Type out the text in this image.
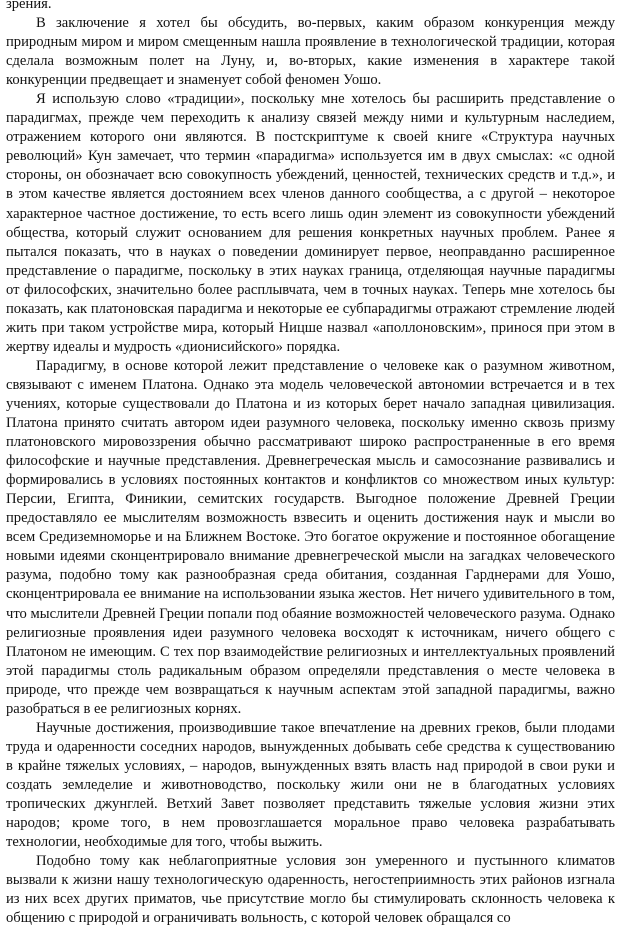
зрения.

В заключение я хотел бы обсудить, во-первых, каким образом конкуренция между природным миром и миром смещенным нашла проявление в технологической традиции, которая сделала возможным полет на Луну, и, во-вторых, какие изменения в характере такой конкуренции предвещает и знаменует собой феномен Уошо.

Я использую слово «традиции», поскольку мне хотелось бы расширить представление о парадигмах, прежде чем переходить к анализу связей между ними и культурным наследием, отражением которого они являются. В постскриптуме к своей книге «Структура научных революций» Кун замечает, что термин «парадигма» используется им в двух смыслах: «с одной стороны, он обозначает всю совокупность убеждений, ценностей, технических средств и т.д.», и в этом качестве является достоянием всех членов данного сообщества, а с другой – некоторое характерное частное достижение, то есть всего лишь один элемент из совокупности убеждений общества, который служит основанием для решения конкретных научных проблем. Ранее я пытался показать, что в науках о поведении доминирует первое, неоправданно расширенное представление о парадигме, поскольку в этих науках граница, отделяющая научные парадигмы от философских, значительно более расплывчата, чем в точных науках. Теперь мне хотелось бы показать, как платоновская парадигма и некоторые ее субпарадигмы отражают стремление людей жить при таком устройстве мира, который Ницше назвал «аполлоновским», принося при этом в жертву идеалы и мудрость «дионисийского» порядка.

Парадигму, в основе которой лежит представление о человеке как о разумном животном, связывают с именем Платона. Однако эта модель человеческой автономии встречается и в тех учениях, которые существовали до Платона и из которых берет начало западная цивилизация. Платона принято считать автором идеи разумного человека, поскольку именно сквозь призму платоновского мировоззрения обычно рассматривают широко распространенные в его время философские и научные представления. Древнегреческая мысль и самосознание развивались и формировались в условиях постоянных контактов и конфликтов со множеством иных культур: Персии, Египта, Финикии, семитских государств. Выгодное положение Древней Греции предоставляло ее мыслителям возможность взвесить и оценить достижения наук и мысли во всем Средиземноморье и на Ближнем Востоке. Это богатое окружение и постоянное обогащение новыми идеями сконцентрировало внимание древнегреческой мысли на загадках человеческого разума, подобно тому как разнообразная среда обитания, созданная Гарднерами для Уошо, сконцентрировала ее внимание на использовании языка жестов. Нет ничего удивительного в том, что мыслители Древней Греции попали под обаяние возможностей человеческого разума. Однако религиозные проявления идеи разумного человека восходят к источникам, ничего общего с Платоном не имеющим. С тех пор взаимодействие религиозных и интеллектуальных проявлений этой парадигмы столь радикальным образом определяли представления о месте человека в природе, что прежде чем возвращаться к научным аспектам этой западной парадигмы, важно разобраться в ее религиозных корнях.

Научные достижения, производившие такое впечатление на древних греков, были плодами труда и одаренности соседних народов, вынужденных добывать себе средства к существованию в крайне тяжелых условиях, – народов, вынужденных взять власть над природой в свои руки и создать земледелие и животноводство, поскольку жили они не в благодатных условиях тропических джунглей. Ветхий Завет позволяет представить тяжелые условия жизни этих народов; кроме того, в нем провозглашается моральное право человека разрабатывать технологии, необходимые для того, чтобы выжить.

Подобно тому как неблагоприятные условия зон умеренного и пустынного климатов вызвали к жизни нашу технологическую одаренность, негостеприимность этих районов изгнала из них всех других приматов, чье присутствие могло бы стимулировать склонность человека к общению с природой и ограничивать вольность, с которой человек обращался со
